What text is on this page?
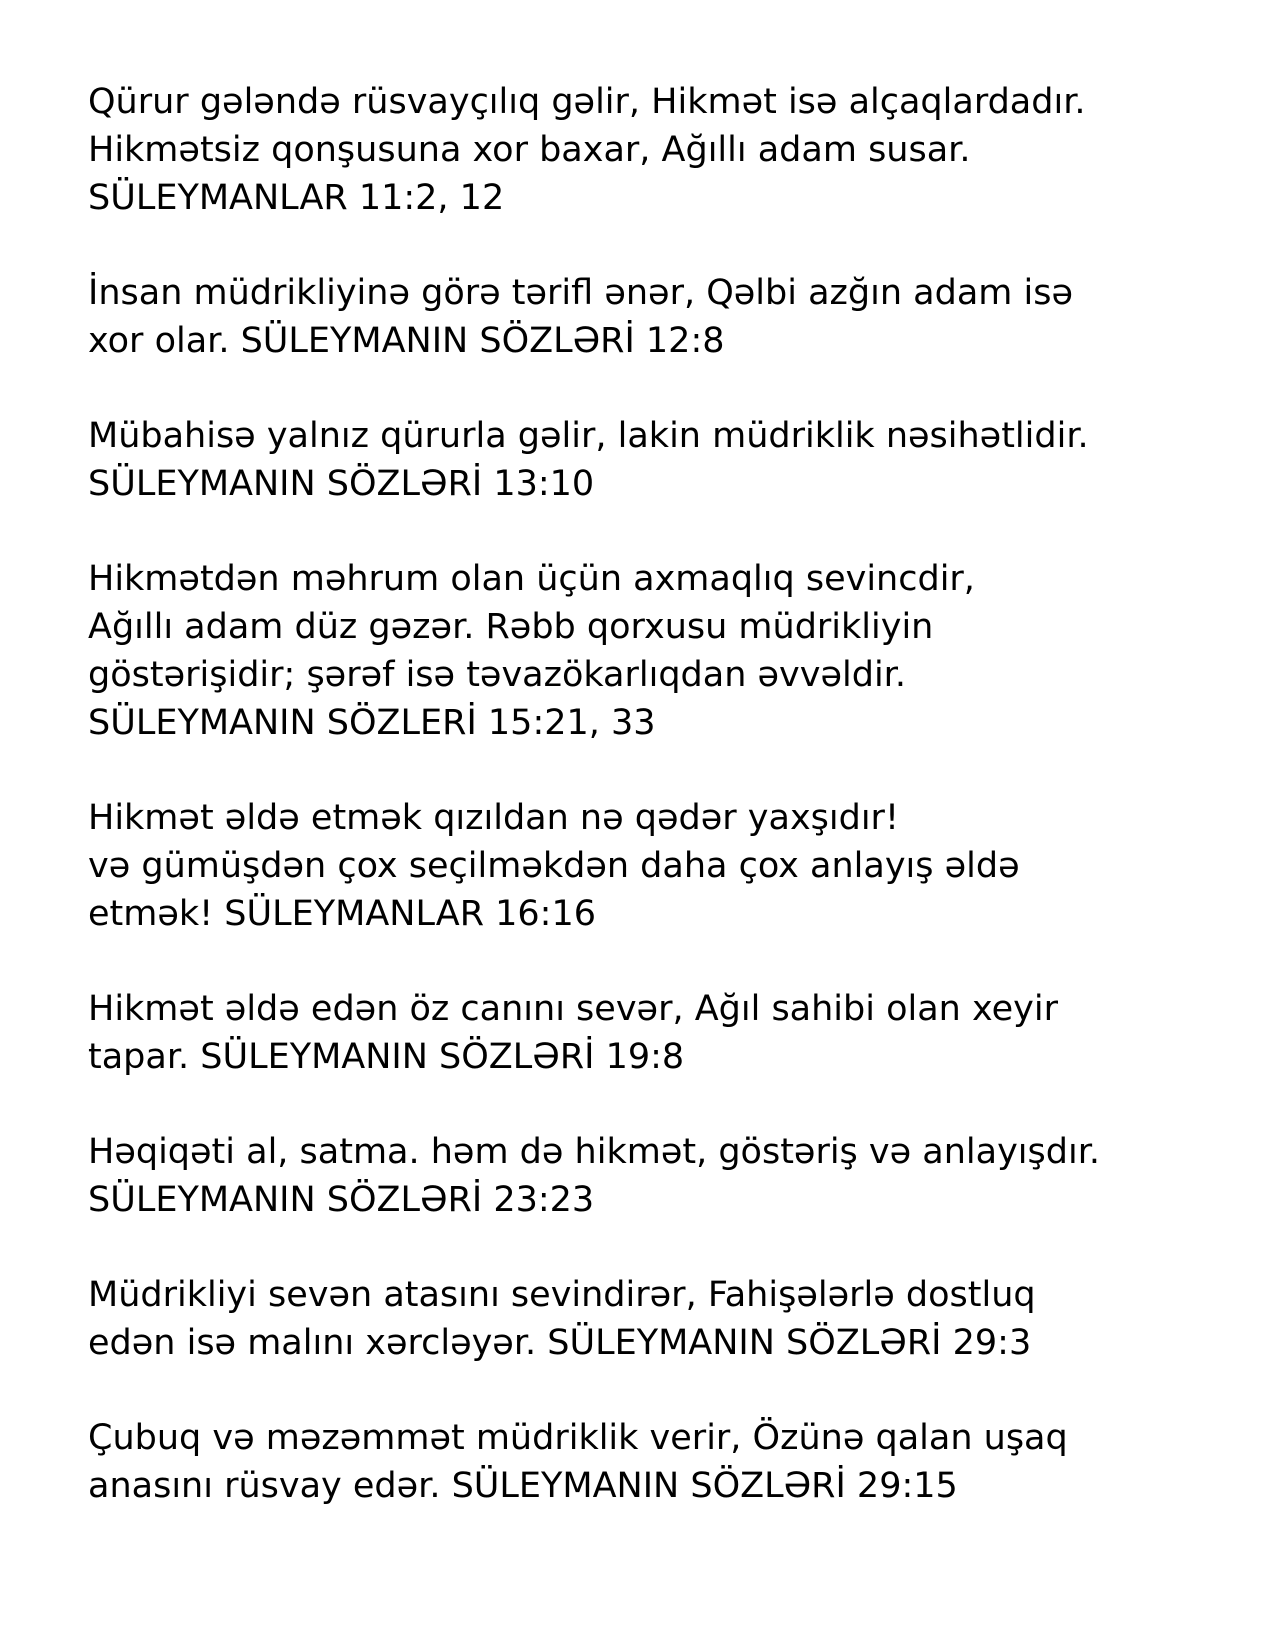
Qürur gələndə rüsvayçılıq gəlir, Hikmət isə alçaqlardadır.
Hikmətsiz qonşusuna xor baxar, Ağıllı adam susar.
SÜLEYMANLAR 11:2, 12
İnsan müdrikliyinə görə tərifl ənər, Qəlbi azğın adam isə
xor olar. SÜLEYMANIN SÖZLƏRİ 12:8
Mübahisə yalnız qürurla gəlir, lakin müdriklik nəsihətlidir.
SÜLEYMANIN SÖZLƏRİ 13:10
Hikmətdən məhrum olan üçün axmaqlıq sevincdir,
Ağıllı adam düz gəzər. Rəbb qorxusu müdrikliyin
göstərişidir; şərəf isə təvazökarlıqdan əvvəldir.
SÜLEYMANIN SÖZLERİ 15:21, 33
Hikmət əldə etmək qızıldan nə qədər yaxşıdır!
və gümüşdən çox seçilməkdən daha çox anlayış əldə
etmək! SÜLEYMANLAR 16:16
Hikmət əldə edən öz canını sevər, Ağıl sahibi olan xeyir
tapar. SÜLEYMANIN SÖZLƏRİ 19:8
Həqiqəti al, satma. həm də hikmət, göstəriş və anlayışdır.
SÜLEYMANIN SÖZLƏRİ 23:23
Müdrikliyi sevən atasını sevindirər, Fahişələrlə dostluq
edən isə malını xərcləyər. SÜLEYMANIN SÖZLƏRİ 29:3
Çubuq və məzəmmət müdriklik verir, Özünə qalan uşaq
anasını rüsvay edər. SÜLEYMANIN SÖZLƏRİ 29:15
